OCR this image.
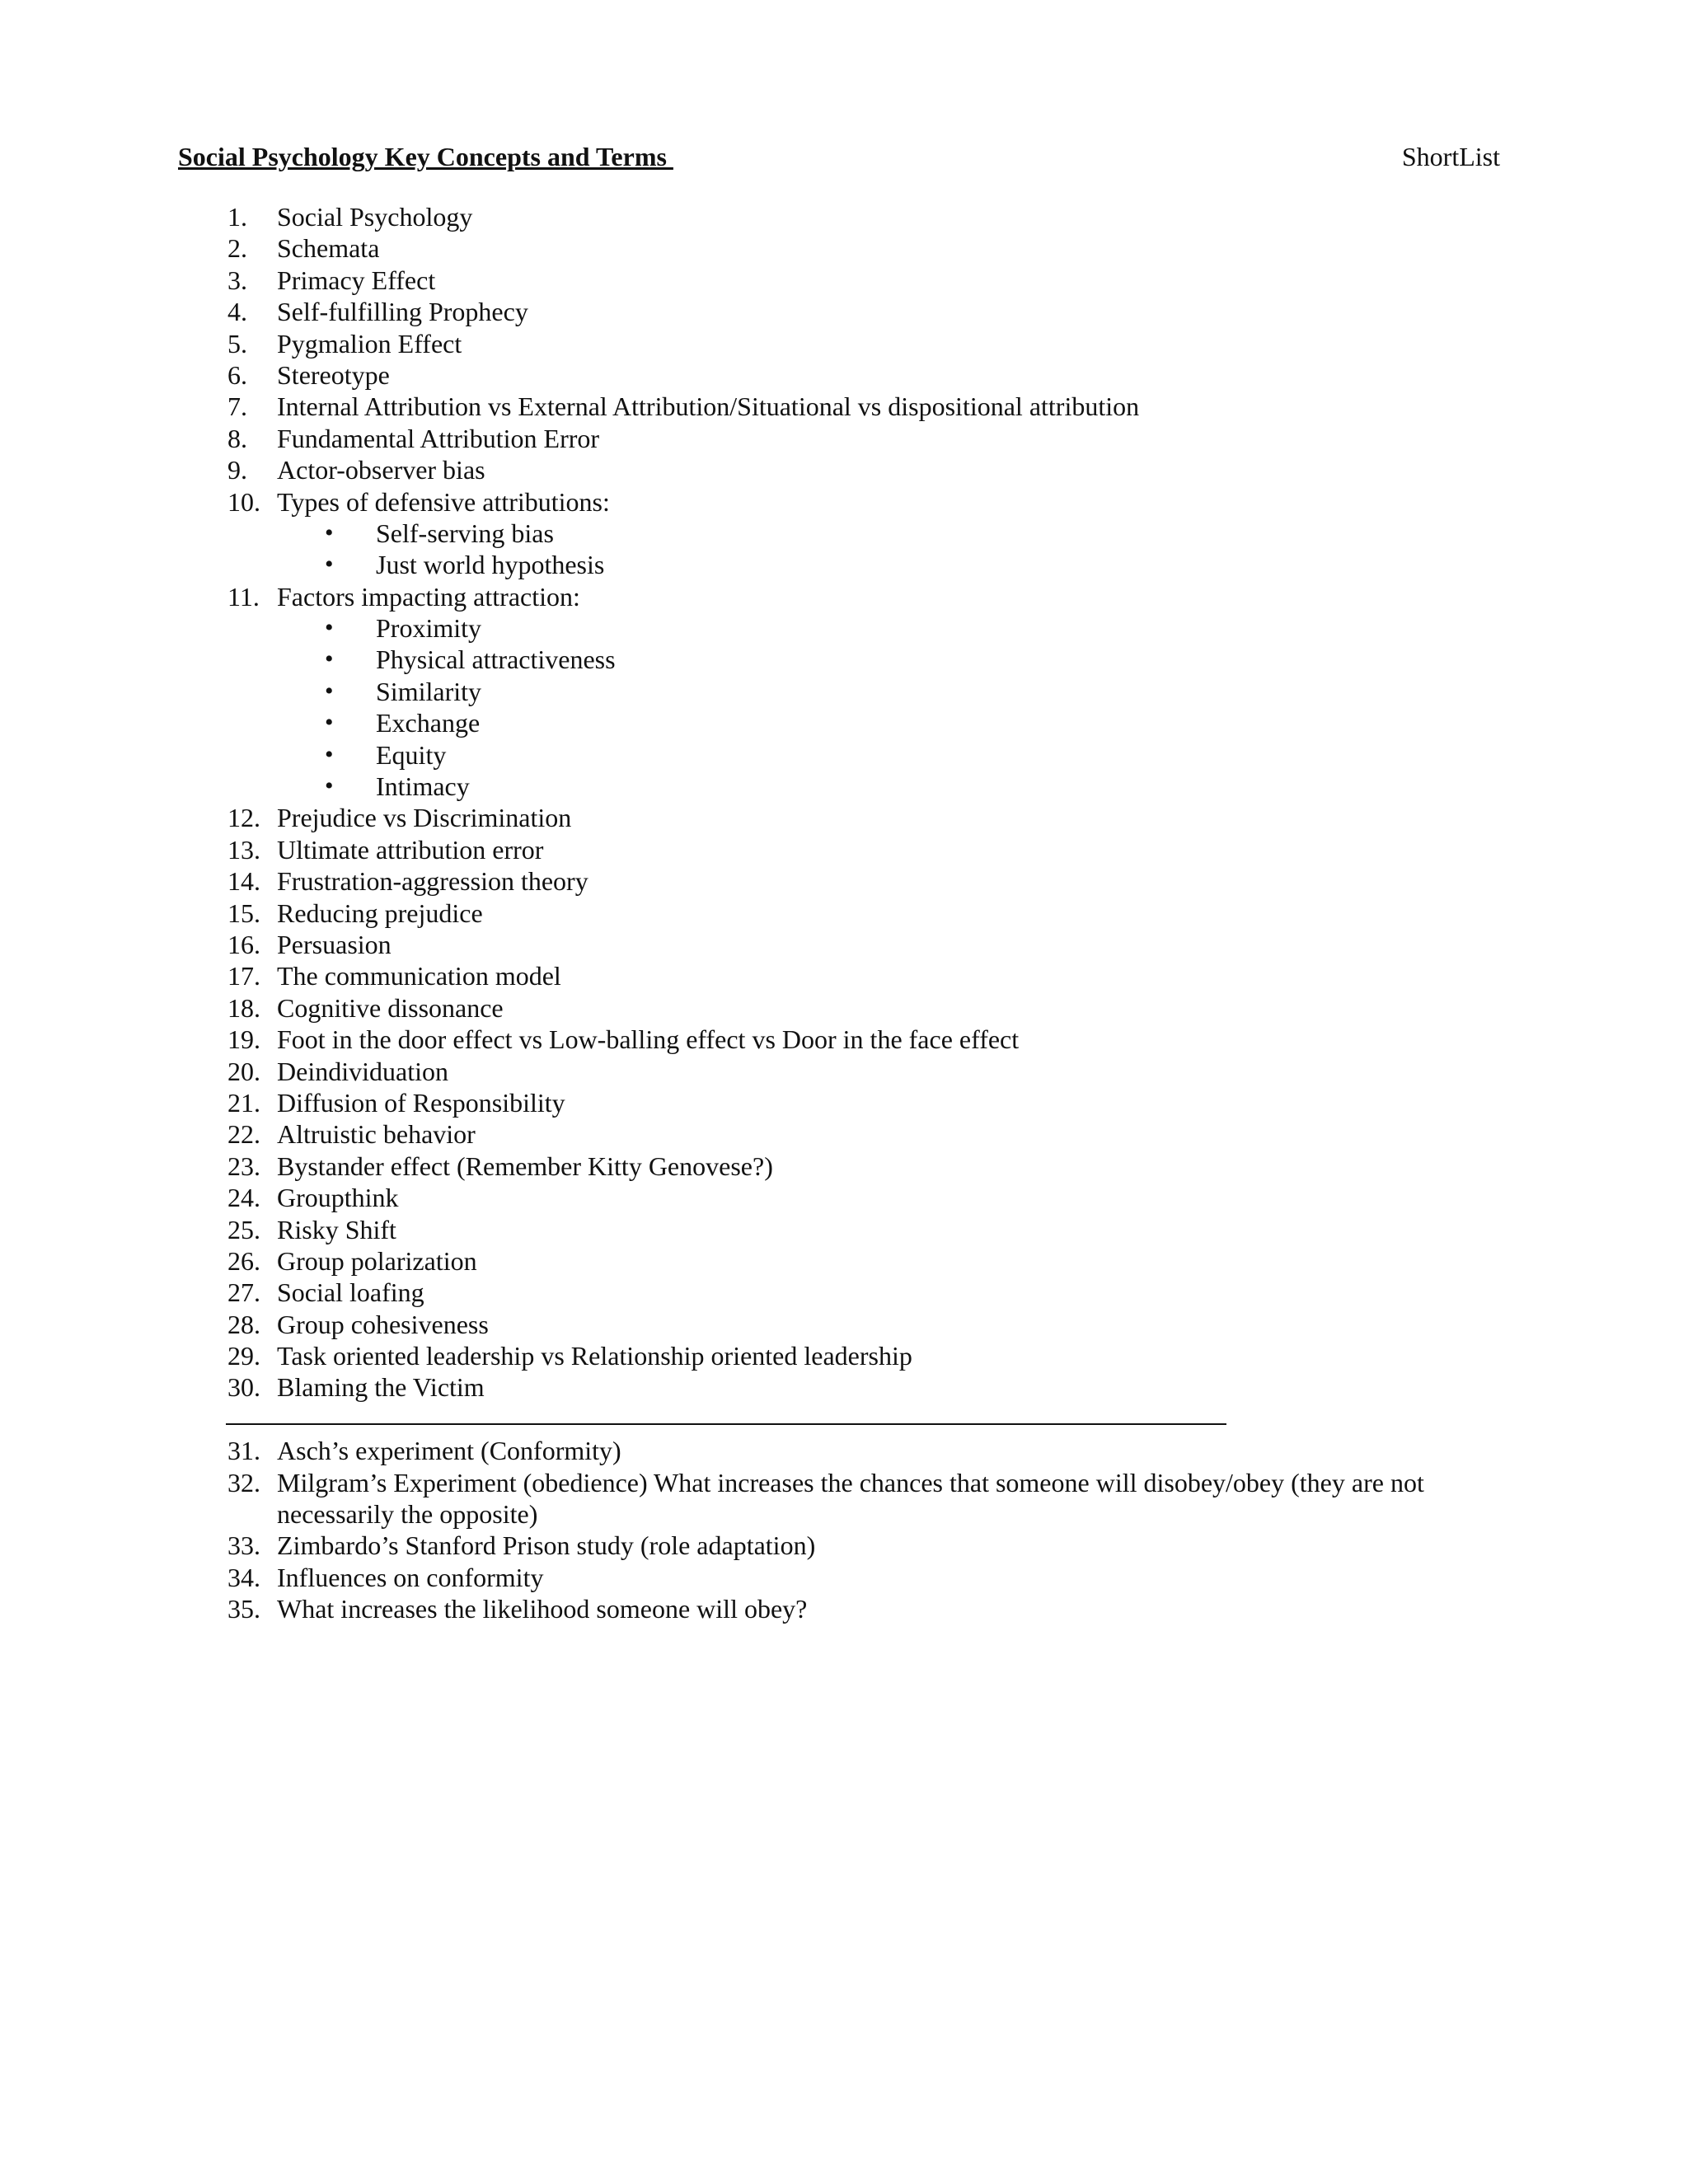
Social Psychology Key Concepts and Terms	ShortList
1. Social Psychology
2. Schemata
3. Primacy Effect
4. Self-fulfilling Prophecy
5. Pygmalion Effect
6. Stereotype
7. Internal Attribution vs External Attribution/Situational vs dispositional attribution
8. Fundamental Attribution Error
9. Actor-observer bias
10. Types of defensive attributions:
• Self-serving bias
• Just world hypothesis
11. Factors impacting attraction:
• Proximity
• Physical attractiveness
• Similarity
• Exchange
• Equity
• Intimacy
12. Prejudice vs Discrimination
13. Ultimate attribution error
14. Frustration-aggression theory
15. Reducing prejudice
16. Persuasion
17. The communication model
18. Cognitive dissonance
19. Foot in the door effect vs Low-balling effect vs Door in the face effect
20. Deindividuation
21. Diffusion of Responsibility
22. Altruistic behavior
23. Bystander effect (Remember Kitty Genovese?)
24. Groupthink
25. Risky Shift
26. Group polarization
27. Social loafing
28. Group cohesiveness
29. Task oriented leadership vs Relationship oriented leadership
30. Blaming the Victim
31. Asch’s experiment (Conformity)
32. Milgram’s Experiment (obedience) What increases the chances that someone will disobey/obey (they are not necessarily the opposite)
33. Zimbardo’s Stanford Prison study (role adaptation)
34. Influences on conformity
35. What increases the likelihood someone will obey?
